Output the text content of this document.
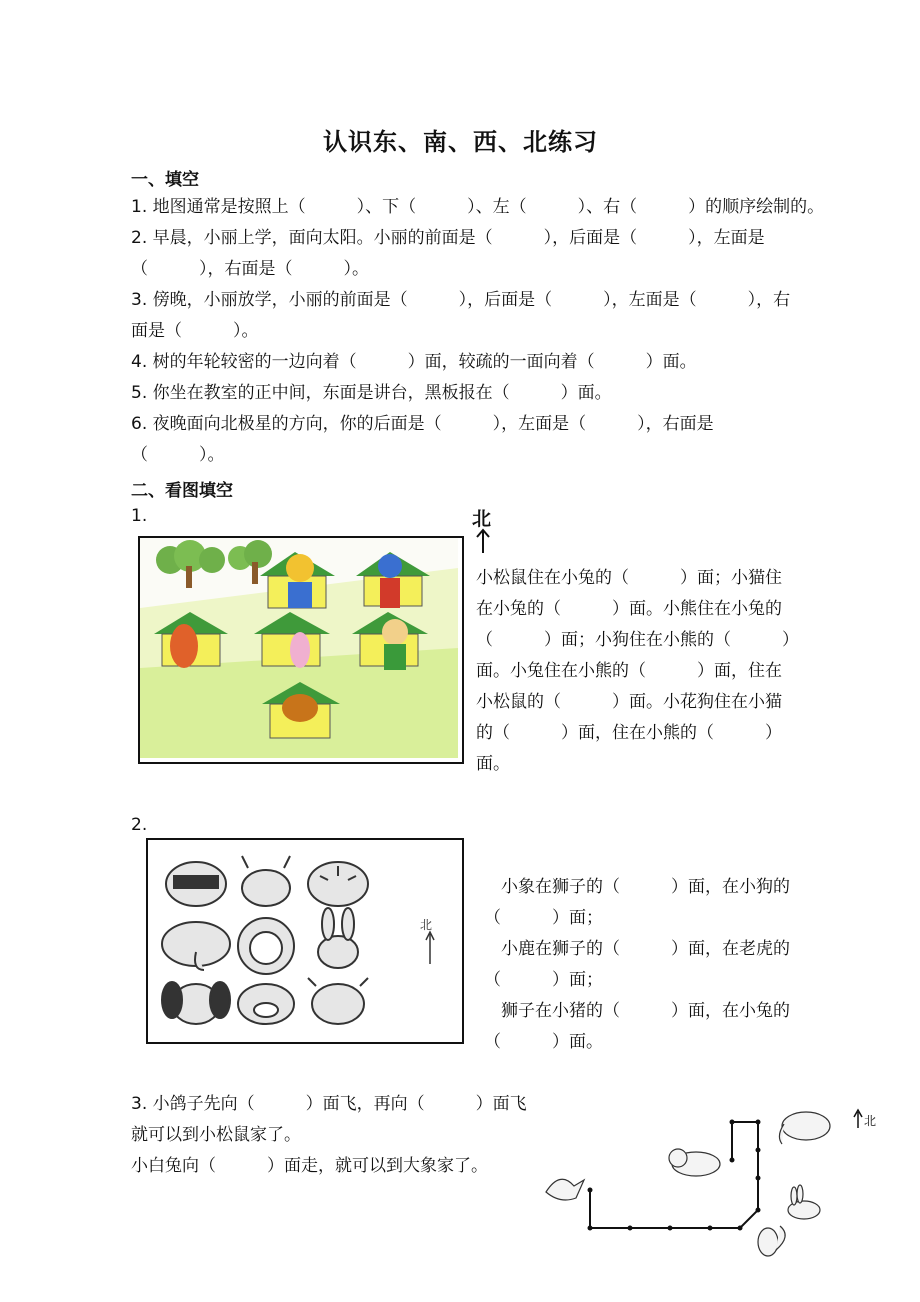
认识东、南、西、北练习
一、填空
1. 地图通常是按照上（　　　）、下（　　　）、左（　　　）、右（　　　）的顺序绘制的。
2. 早晨，小丽上学，面向太阳。小丽的前面是（　　　），后面是（　　　），左面是
（　　　），右面是（　　　）。
3. 傍晚，小丽放学，小丽的前面是（　　　），后面是（　　　），左面是（　　　），右
面是（　　　）。
4. 树的年轮较密的一边向着（　　　）面，较疏的一面向着（　　　）面。
5. 你坐在教室的正中间，东面是讲台，黑板报在（　　　）面。
6. 夜晚面向北极星的方向，你的后面是（　　　），左面是（　　　），右面是
（　　　）。
二、看图填空
1.	北
小松鼠住在小兔的（　　　）面；小猫住
在小兔的（　　　）面。小熊住在小兔的
（　　　）面；小狗住在小熊的（　　　）
面。小兔住在小熊的（　　　）面，住在
小松鼠的（　　　）面。小花狗住在小猫
的（　　　）面，住在小熊的（　　　）
面。
2.
北
　小象在狮子的（　　　）面，在小狗的
（　　　）面；
　小鹿在狮子的（　　　）面，在老虎的
（　　　）面；
　狮子在小猪的（　　　）面，在小兔的
（　　　）面。
3. 小鸽子先向（　　　）面飞，再向（　　　）面飞
就可以到小松鼠家了。
小白兔向（　　　）面走，就可以到大象家了。
北
